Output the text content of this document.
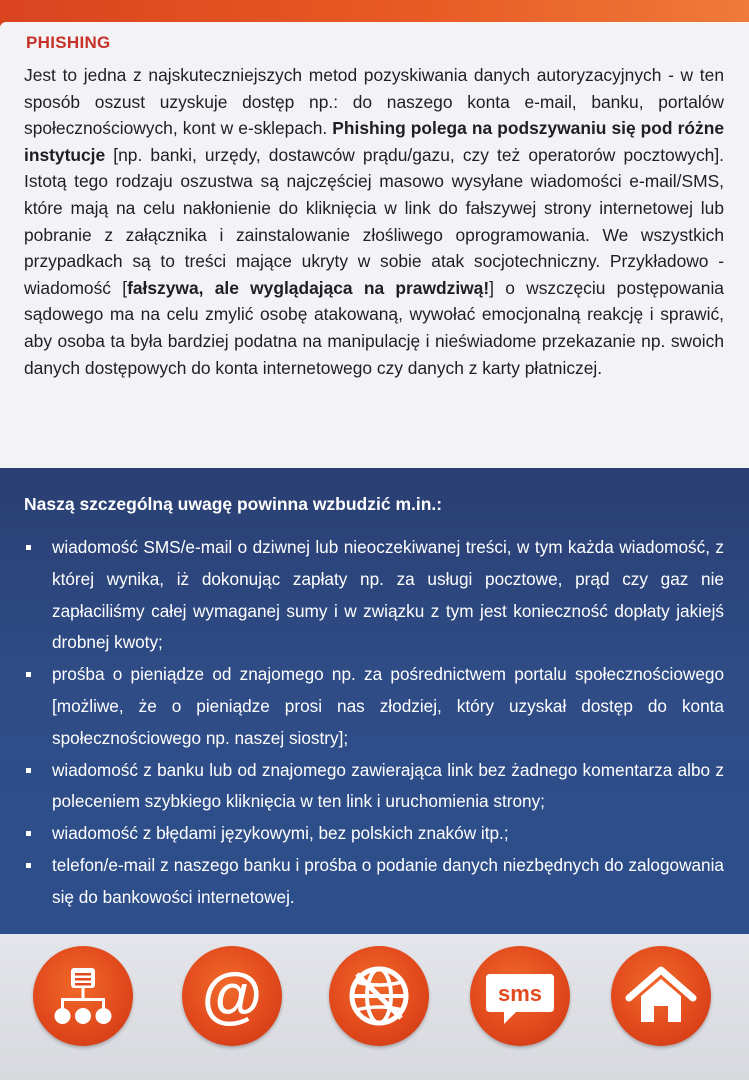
PHISHING

Jest to jedna z najskuteczniejszych metod pozyskiwania danych autoryzacyjnych - w ten sposób oszust uzyskuje dostęp np.: do naszego konta e-mail, banku, portalów społecznościowych, kont w e-sklepach. Phishing polega na podszywaniu się pod różne instytucje [np. banki, urzędy, dostawców prądu/gazu, czy też operatorów pocztowych]. Istotą tego rodzaju oszustwa są najczęściej masowo wysyłane wiadomości e-mail/SMS, które mają na celu nakłonienie do kliknięcia w link do fałszywej strony internetowej lub pobranie z załącznika i zainstalowanie złośliwego oprogramowania. We wszystkich przypadkach są to treści mające ukryty w sobie atak socjotechniczny. Przykładowo - wiadomość [fałszywa, ale wyglądająca na prawdziwą!] o wszczęciu postępowania sądowego ma na celu zmylić osobę atakowaną, wywołać emocjonalną reakcję i sprawić, aby osoba ta była bardziej podatna na manipulację i nieświadome przekazanie np. swoich danych dostępowych do konta internetowego czy danych z karty płatniczej.

Naszą szczególną uwagę powinna wzbudzić m.in.:
wiadomość SMS/e-mail o dziwnej lub nieoczekiwanej treści, w tym każda wiadomość, z której wynika, iż dokonując zapłaty np. za usługi pocztowe, prąd czy gaz nie zapłaciliśmy całej wymaganej sumy i w związku z tym jest konieczność dopłaty jakiejś drobnej kwoty;
prośba o pieniądze od znajomego np. za pośrednictwem portalu społecznościowego [możliwe, że o pieniądze prosi nas złodziej, który uzyskał dostęp do konta społecznościowego np. naszej siostry];
wiadomość z banku lub od znajomego zawierająca link bez żadnego komentarza albo z poleceniem szybkiego kliknięcia w ten link i uruchomienia strony;
wiadomość z błędami językowymi, bez polskich znaków itp.;
telefon/e-mail z naszego banku i prośba o podanie danych niezbędnych do zalogowania się do bankowości internetowej.
@	sms
